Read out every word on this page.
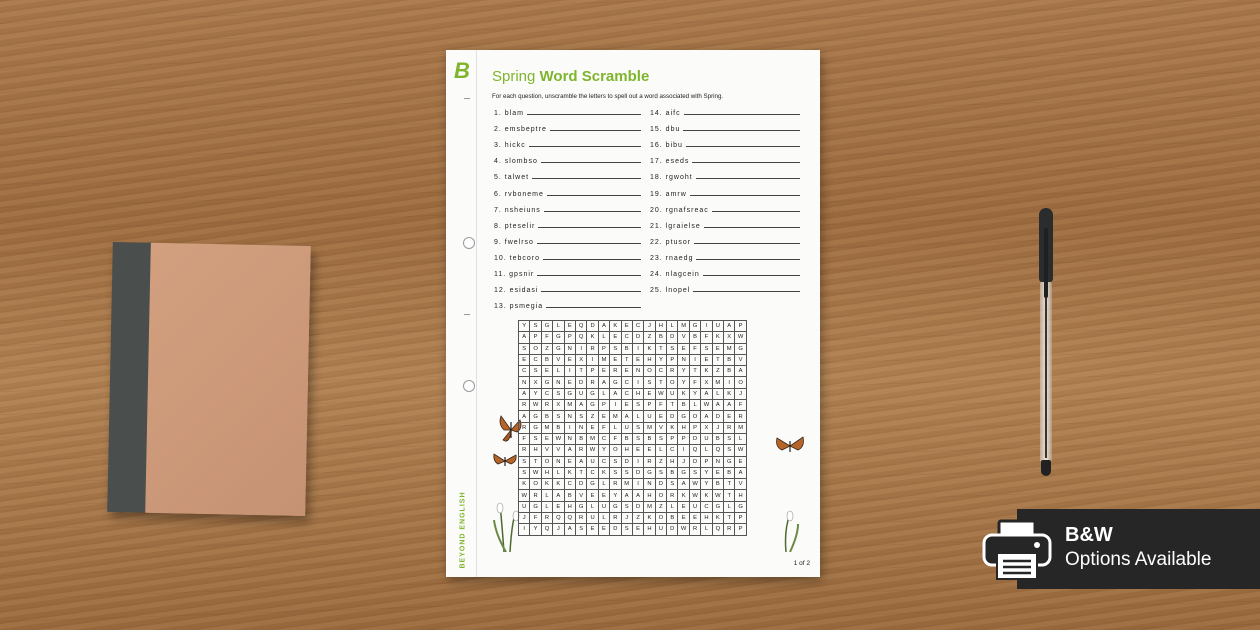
B
BEYOND ENGLISH
Spring Word Scramble
For each question, unscramble the letters to spell out a word associated with Spring.
1. blam
2. emsbeptre
3. hickc
4. slombso
5. talwet
6. rvboneme
7. nsheiuns
8. pteselir
9. fwelrso
10. tebcoro
11. gpsnir
12. esidasi
13. psmegia
14. aifc
15. dbu
16. bibu
17. eseds
18. rgwoht
19. amrw
20. rgnafsreac
21. lgraielse
22. ptusor
23. rnaedg
24. nlagcein
25. lnopel
Y	S	G	L	E	Q	D	A	K	E	C	J	H	L	M	G	I	U	A	P
A	P	F	G	P	Q	K	L	E	C	D	Z	B	D	V	B	F	K	X	W
S	O	Z	G	N	I	R	P	S	B	I	K	T	S	E	F	S	E	M	G
E	C	B	V	E	X	I	M	E	T	E	H	Y	P	N	I	E	T	B	V
C	S	E	L	I	T	P	E	R	E	N	O	C	R	Y	T	K	Z	B	A
N	X	G	N	E	D	R	A	G	C	I	S	T	O	Y	F	X	M	I	O
A	Y	C	S	G	U	G	L	A	C	H	E	W	U	K	Y	A	L	K	J
R	W	R	X	M	A	G	P	I	E	S	P	F	T	B	L	W	A	A	F
A	G	B	S	N	S	Z	E	M	A	L	U	E	D	G	O	A	D	E	R
R	G	M	B	I	N	E	F	L	U	S	M	V	K	H	P	X	J	R	M
F	S	E	W	N	B	M	C	F	B	S	B	S	P	P	D	U	B	S	L
R	H	V	V	A	R	W	Y	O	H	E	E	L	C	I	Q	L	Q	S	W
S	T	O	N	E	A	U	C	S	D	I	R	Z	H	J	D	P	N	G	E
S	W	H	L	K	T	C	K	S	S	D	G	S	B	G	S	Y	E	B	A
K	O	K	K	C	D	G	L	R	M	I	N	D	S	A	W	Y	B	T	V
W	R	L	A	B	V	E	E	Y	A	A	H	O	R	K	W	K	W	T	H
U	G	L	E	H	G	L	U	G	S	D	M	Z	L	E	U	C	G	L	G
J	F	R	Q	Q	R	U	L	R	J	Z	K	O	B	E	E	H	K	T	P
I	Y	Q	J	A	S	E	E	D	S	E	H	U	D	W	R	L	Q	R	P
1 of 2
B&W
Options Available
